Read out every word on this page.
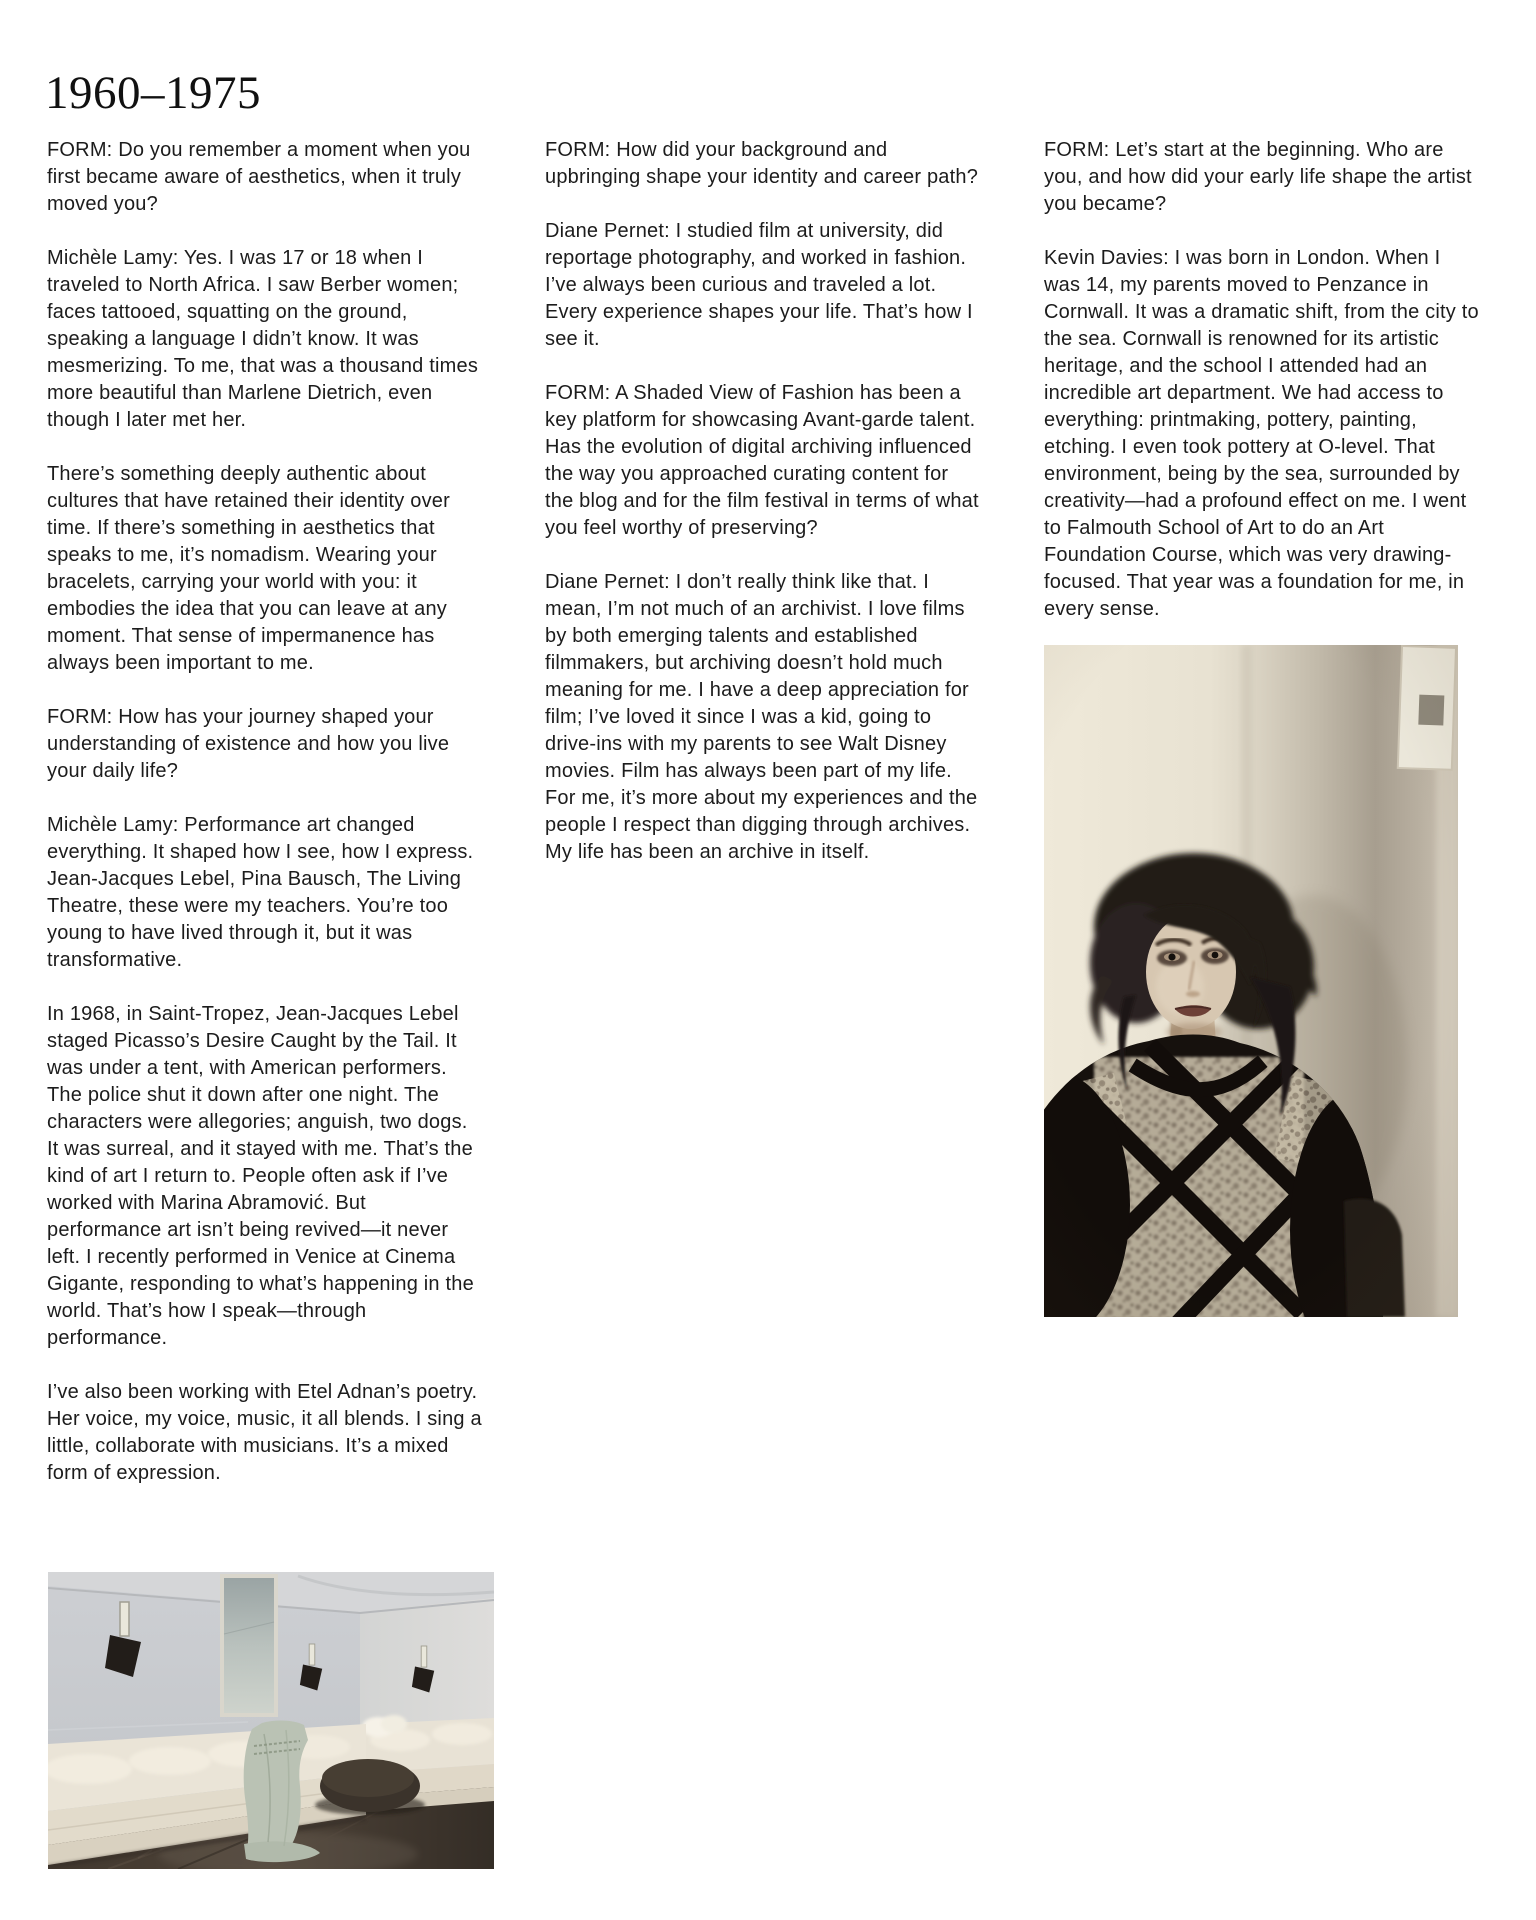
1960–1975

FORM: Do you remember a moment when you first became aware of aesthetics, when it truly moved you?

Michèle Lamy: Yes. I was 17 or 18 when I traveled to North Africa. I saw Berber women; faces tattooed, squatting on the ground, speaking a language I didn’t know. It was mesmerizing. To me, that was a thousand times more beautiful than Marlene Dietrich, even though I later met her.

There’s something deeply authentic about cultures that have retained their identity over time. If there’s something in aesthetics that speaks to me, it’s nomadism. Wearing your bracelets, carrying your world with you: it embodies the idea that you can leave at any moment. That sense of impermanence has always been important to me.

FORM: How has your journey shaped your understanding of existence and how you live your daily life?

Michèle Lamy: Performance art changed everything. It shaped how I see, how I express. Jean-Jacques Lebel, Pina Bausch, The Living Theatre, these were my teachers. You’re too young to have lived through it, but it was transformative.

In 1968, in Saint-Tropez, Jean-Jacques Lebel staged Picasso’s Desire Caught by the Tail. It was under a tent, with American performers. The police shut it down after one night. The characters were allegories; anguish, two dogs. It was surreal, and it stayed with me. That’s the kind of art I return to. People often ask if I’ve worked with Marina Abramović. But performance art isn’t being revived—it never left. I recently performed in Venice at Cinema Gigante, responding to what’s happening in the world. That’s how I speak—through performance.

I’ve also been working with Etel Adnan’s poetry. Her voice, my voice, music, it all blends. I sing a little, collaborate with musicians. It’s a mixed form of expression.

FORM: How did your background and upbringing shape your identity and career path?

Diane Pernet: I studied film at university, did reportage photography, and worked in fashion. I’ve always been curious and traveled a lot. Every experience shapes your life. That’s how I see it.

FORM: A Shaded View of Fashion has been a key platform for showcasing Avant-garde talent. Has the evolution of digital archiving influenced the way you approached curating content for the blog and for the film festival in terms of what you feel worthy of preserving?

Diane Pernet: I don’t really think like that. I mean, I’m not much of an archivist. I love films by both emerging talents and established filmmakers, but archiving doesn’t hold much meaning for me. I have a deep appreciation for film; I’ve loved it since I was a kid, going to drive-ins with my parents to see Walt Disney movies. Film has always been part of my life. For me, it’s more about my experiences and the people I respect than digging through archives. My life has been an archive in itself.

FORM: Let’s start at the beginning. Who are you, and how did your early life shape the artist you became?

Kevin Davies: I was born in London. When I was 14, my parents moved to Penzance in Cornwall. It was a dramatic shift, from the city to the sea. Cornwall is renowned for its artistic heritage, and the school I attended had an incredible art department. We had access to everything: printmaking, pottery, painting, etching. I even took pottery at O-level. That environment, being by the sea, surrounded by creativity—had a profound effect on me. I went to Falmouth School of Art to do an Art Foundation Course, which was very drawing-focused. That year was a foundation for me, in every sense.
